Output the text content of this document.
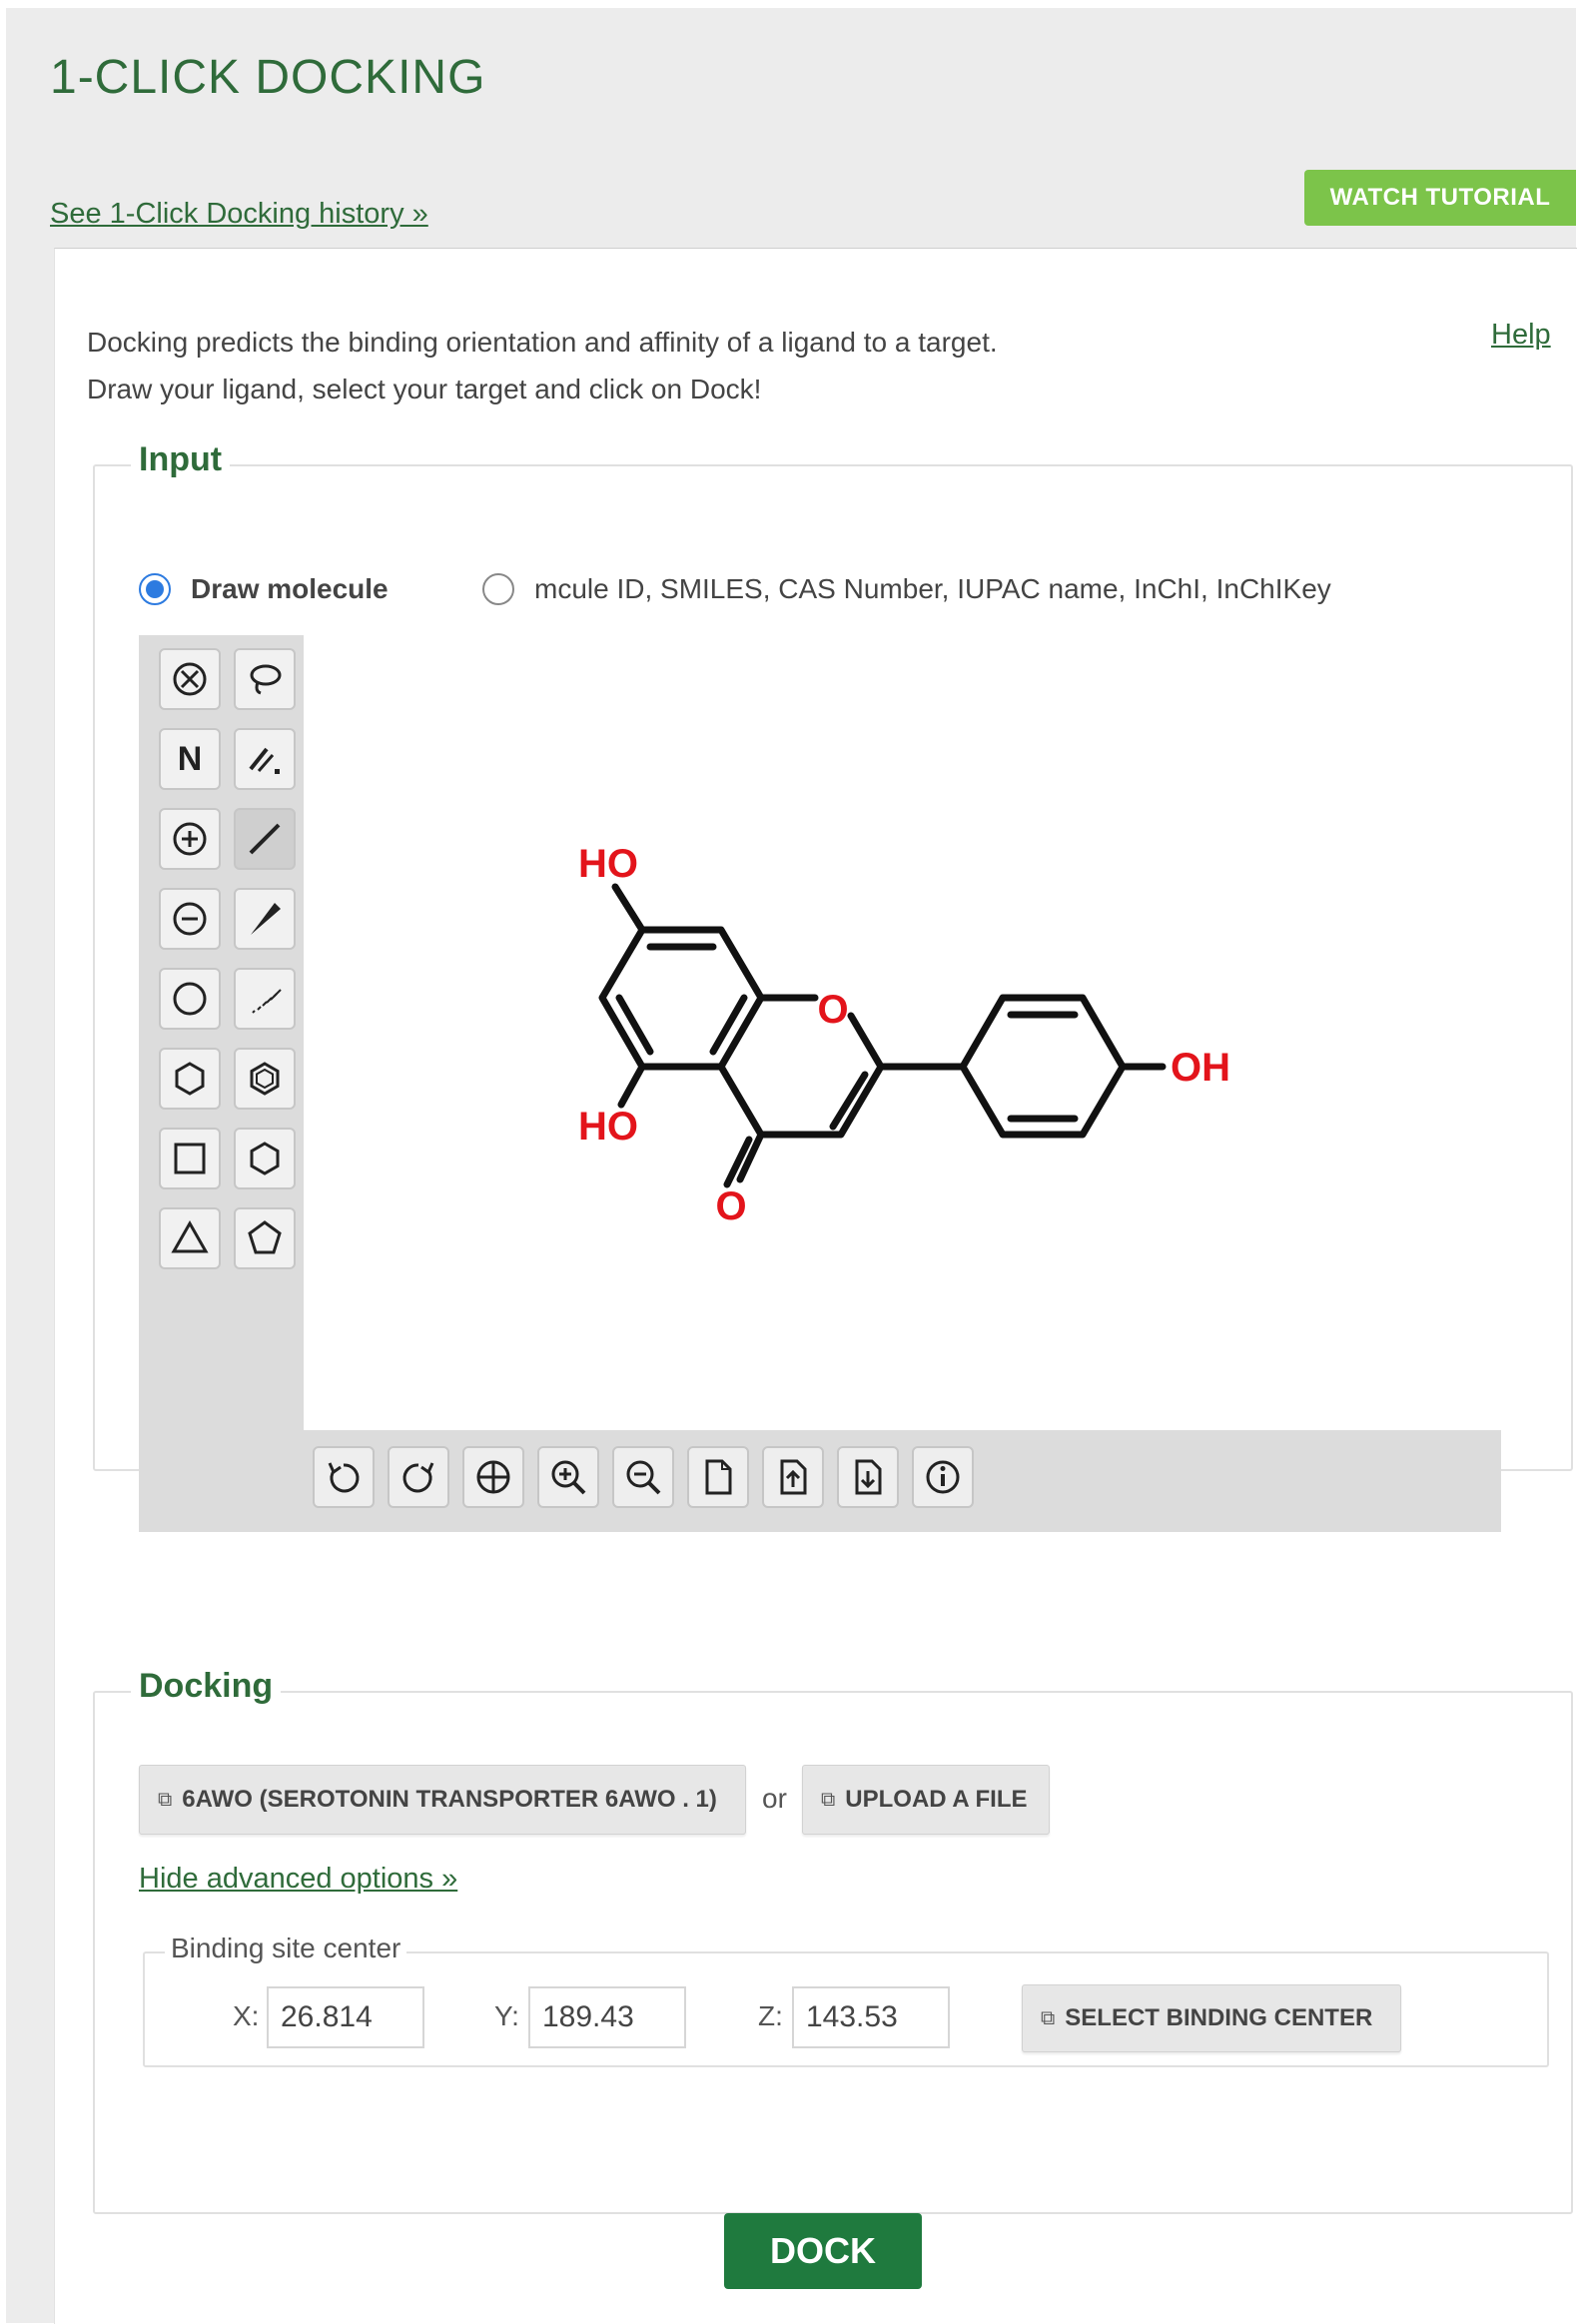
1-CLICK DOCKING
See 1-Click Docking history »
WATCH TUTORIAL

Docking predicts the binding orientation and affinity of a ligand to a target.
Draw your ligand, select your target and click on Dock!

Help
Input
Draw molecule	mcule ID, SMILES, CAS Number, IUPAC name, InChI, InChIKey
N
HO
O
OH
HO
O
Docking
⧉ 6AWO (SEROTONIN TRANSPORTER 6AWO . 1) or ⧉ UPLOAD A FILE
Hide advanced options »
Binding site center
X:
26.814	Y:
189.43	Z:
143.53	⧉ SELECT BINDING CENTER
DOCK
